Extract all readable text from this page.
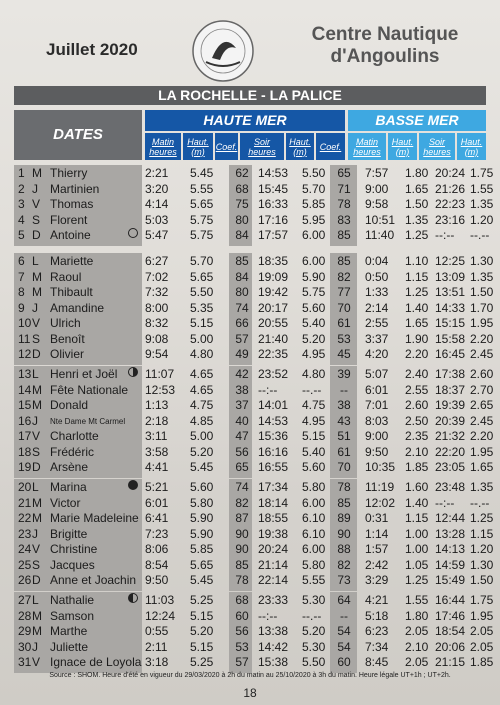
Juillet 2020
Centre Nautique
d'Angoulins
LA ROCHELLE - LA PALICE
DATES
HAUTE MER	BASSE MER
Matin heures
Haut. (m)	Coef.	Soir heures
Haut. (m)	Coef.	Matin heures
Haut. (m)
Soir heures
Haut. (m)
1 M Thierry	2:21 5.45 62 14:53 5.50 65 7:57 1.80 20:24 1.75
2 J Martinien	3:20 5.55 68 15:45 5.70 71 9:00 1.65 21:26 1.55
3 V Thomas	4:14 5.65 75 16:33 5.85 78 9:58 1.50 22:23 1.35
4 S Florent	5:03 5.75 80 17:16 5.95 83 10:51 1.35 23:16 1.20
5 D Antoine	5:47 5.75 84 17:57 6.00 85 11:40 1.25 --:-- --.--
6 L Mariette	6:27 5.70 85 18:35 6.00 85 0:04 1.10 12:25 1.30
7 M Raoul	7:02 5.65 84 19:09 5.90 82 0:50 1.15 13:09 1.35
8 M Thibault	7:32 5.50 80 19:42 5.75 77 1:33 1.25 13:51 1.50
9 J Amandine	8:00 5.35 74 20:17 5.60 70 2:14 1.40 14:33 1.70
10 V Ulrich	8:32 5.15 66 20:55 5.40 61 2:55 1.65 15:15 1.95
11 S Benoît	9:08 5.00 57 21:40 5.20 53 3:37 1.90 15:58 2.20
12 D Olivier	9:54 4.80 49 22:35 4.95 45 4:20 2.20 16:45 2.45
13 L Henri et Joël 11:07 4.65 42 23:52 4.80 39 5:07 2.40 17:38 2.60
14 M Fête Nationale 12:53 4.65 38 --:-- --.--	--	6:01 2.55 18:37 2.70
15 M Donald	1:13 4.75 37 14:01 4.75 38 7:01 2.60 19:39 2.65
16 J Nte Dame Mt Carmel 2:18 4.85 40 14:53 4.95 43 8:03 2.50 20:39 2.45
17 V Charlotte	3:11 5.00 47 15:36 5.15 51 9:00 2.35 21:32 2.20
18 S Frédéric	3:58 5.20 56 16:16 5.40 61 9:50 2.10 22:20 1.95
19 D Arsène	4:41 5.45 65 16:55 5.60 70 10:35 1.85 23:05 1.65
20 L Marina	5:21 5.60 74 17:34 5.80 78 11:19 1.60 23:48 1.35
21 M Victor	6:01 5.80 82 18:14 6.00 85 12:02 1.40 --:-- --.--
22 M Marie Madeleine 6:41 5.90 87 18:55 6.10 89 0:31 1.15 12:44 1.25
23 J Brigitte	7:23 5.90 90 19:38 6.10 90 1:14 1.00 13:28 1.15
24 V Christine	8:06 5.85 90 20:24 6.00 88 1:57 1.00 14:13 1.20
25 S Jacques	8:54 5.65 85 21:14 5.80 82 2:42 1.05 14:59 1.30
26 D Anne et Joachin 9:50 5.45 78 22:14 5.55 73 3:29 1.25 15:49 1.50
27 L Nathalie	11:03 5.25 68 23:33 5.30 64 4:21 1.55 16:44 1.75
28 M Samson	12:24 5.15 60 --:-- --.--	--	5:18 1.80 17:46 1.95
29 M Marthe	0:55 5.20 56 13:38 5.20 54 6:23 2.05 18:54 2.05
30 J Juliette	2:11 5.15 53 14:42 5.30 54 7:34 2.10 20:06 2.05
31 V Ignace de Loyola 3:18 5.25 57 15:38 5.50 60 8:45 2.05 21:15 1.85
Source : SHOM. Heure d'été en vigueur du 29/03/2020 à 2h du matin au 25/10/2020 à 3h du matin. Heure légale UT+1h ; UT+2h.
18
